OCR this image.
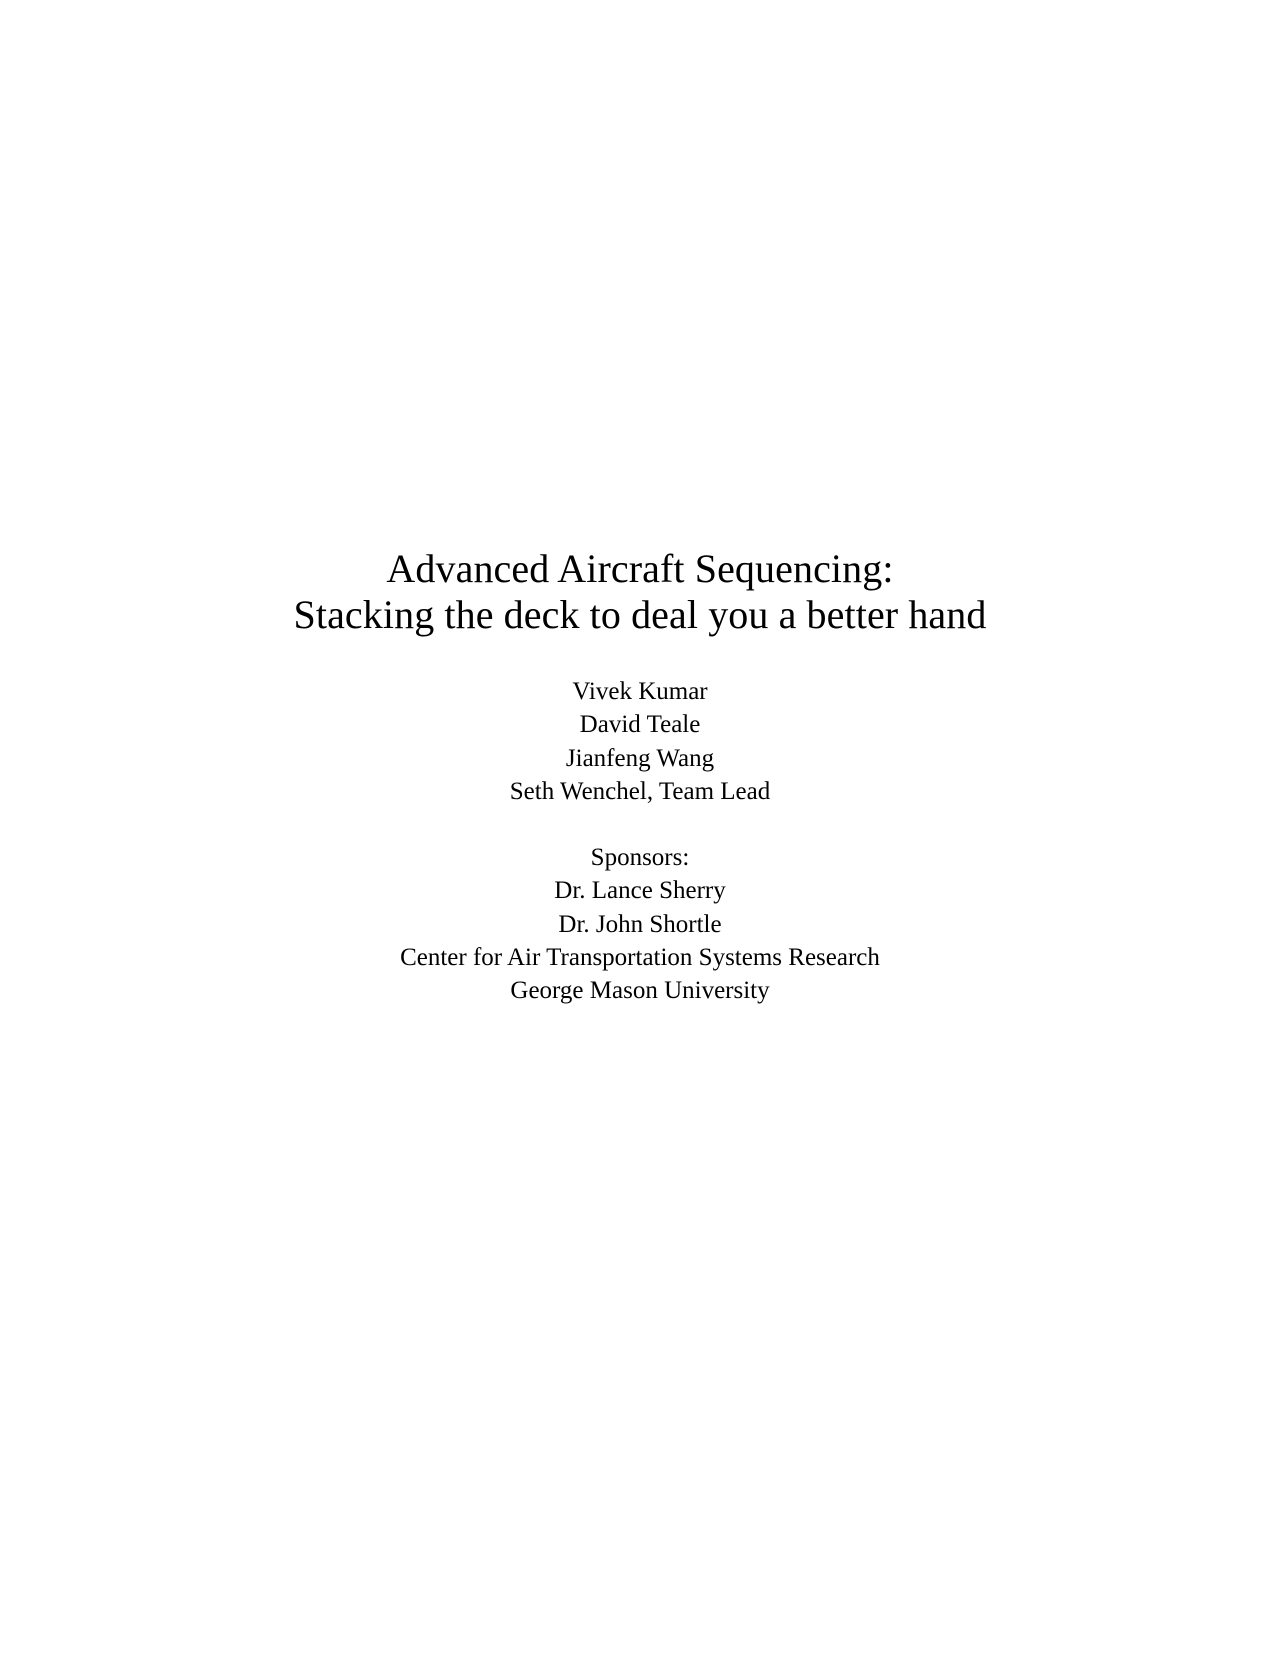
Advanced Aircraft Sequencing:
Stacking the deck to deal you a better hand
Vivek Kumar
David Teale
Jianfeng Wang
Seth Wenchel, Team Lead
Sponsors:
Dr. Lance Sherry
Dr. John Shortle
Center for Air Transportation Systems Research
George Mason University
